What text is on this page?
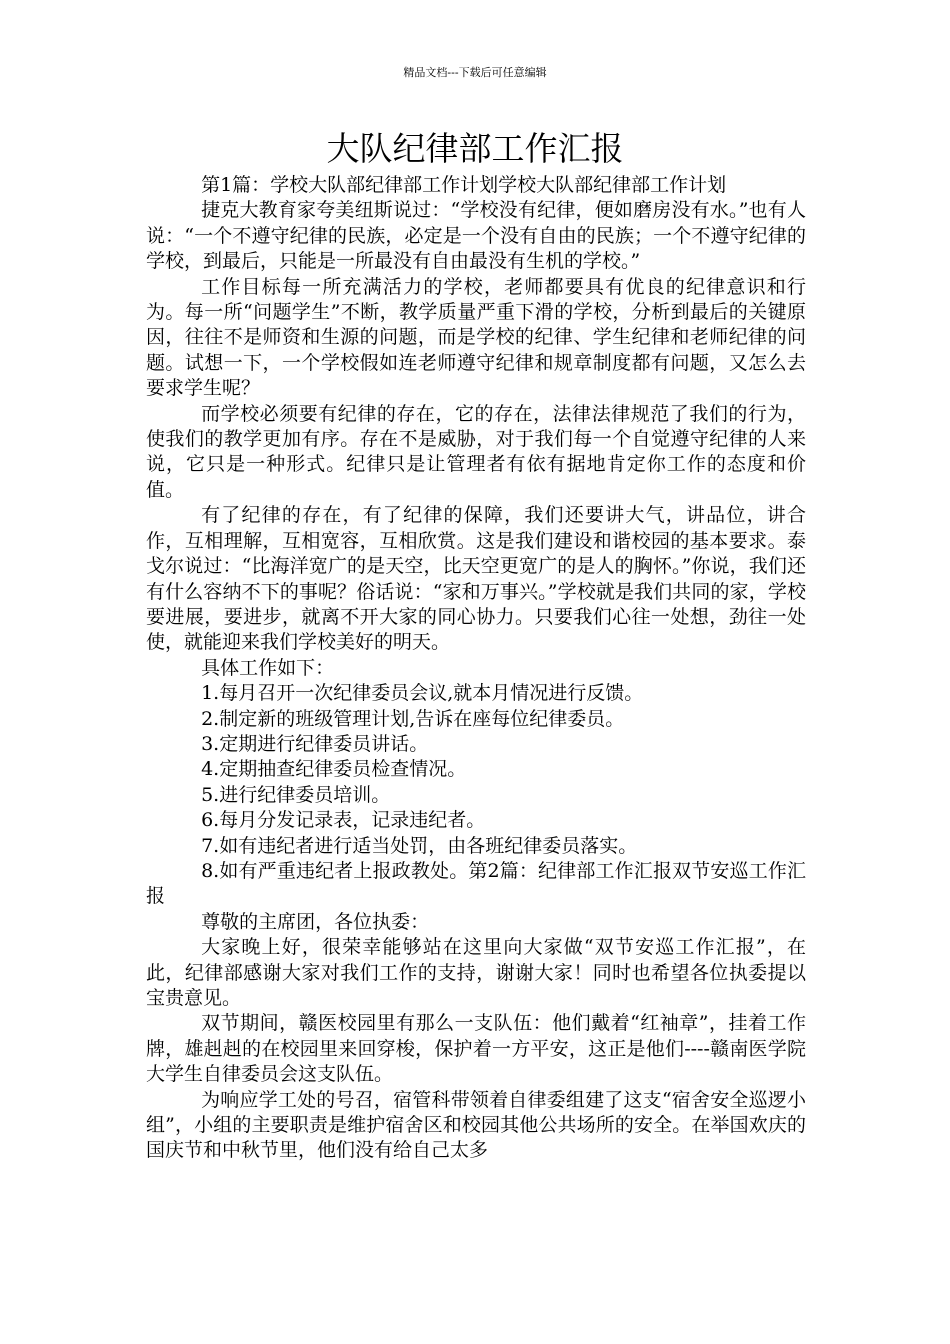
精品文档---下载后可任意编辑
大队纪律部工作汇报

第1篇：学校大队部纪律部工作计划学校大队部纪律部工作计划

捷克大教育家夸美纽斯说过：“学校没有纪律，便如磨房没有水。”也有人说：“一个不遵守纪律的民族，必定是一个没有自由的民族；一个不遵守纪律的学校，到最后，只能是一所最没有自由最没有生机的学校。”

工作目标每一所充满活力的学校，老师都要具有优良的纪律意识和行为。每一所“问题学生”不断，教学质量严重下滑的学校，分析到最后的关键原因，往往不是师资和生源的问题，而是学校的纪律、学生纪律和老师纪律的问题。试想一下，一个学校假如连老师遵守纪律和规章制度都有问题，又怎么去要求学生呢？

而学校必须要有纪律的存在，它的存在，法律法律规范了我们的行为，使我们的教学更加有序。存在不是威胁，对于我们每一个自觉遵守纪律的人来说，它只是一种形式。纪律只是让管理者有依有据地肯定你工作的态度和价值。

有了纪律的存在，有了纪律的保障，我们还要讲大气，讲品位，讲合作，互相理解，互相宽容，互相欣赏。这是我们建设和谐校园的基本要求。泰戈尔说过：“比海洋宽广的是天空，比天空更宽广的是人的胸怀。”你说，我们还有什么容纳不下的事呢？俗话说：“家和万事兴。”学校就是我们共同的家，学校要进展，要进步，就离不开大家的同心协力。只要我们心往一处想，劲往一处使，就能迎来我们学校美好的明天。

具体工作如下：

1.每月召开一次纪律委员会议,就本月情况进行反馈。

2.制定新的班级管理计划,告诉在座每位纪律委员。

3.定期进行纪律委员讲话。

4.定期抽查纪律委员检查情况。

5.进行纪律委员培训。

6.每月分发记录表，记录违纪者。

7.如有违纪者进行适当处罚，由各班纪律委员落实。

8.如有严重违纪者上报政教处。第2篇：纪律部工作汇报双节安巡工作汇报

尊敬的主席团，各位执委：

大家晚上好，很荣幸能够站在这里向大家做“双节安巡工作汇报”，在此，纪律部感谢大家对我们工作的支持，谢谢大家！同时也希望各位执委提以宝贵意见。

双节期间，赣医校园里有那么一支队伍：他们戴着“红袖章”，挂着工作牌，雄赳赳的在校园里来回穿梭，保护着一方平安，这正是他们----赣南医学院大学生自律委员会这支队伍。

为响应学工处的号召，宿管科带领着自律委组建了这支“宿舍安全巡逻小组”，小组的主要职责是维护宿舍区和校园其他公共场所的安全。在举国欢庆的国庆节和中秋节里，他们没有给自己太多
